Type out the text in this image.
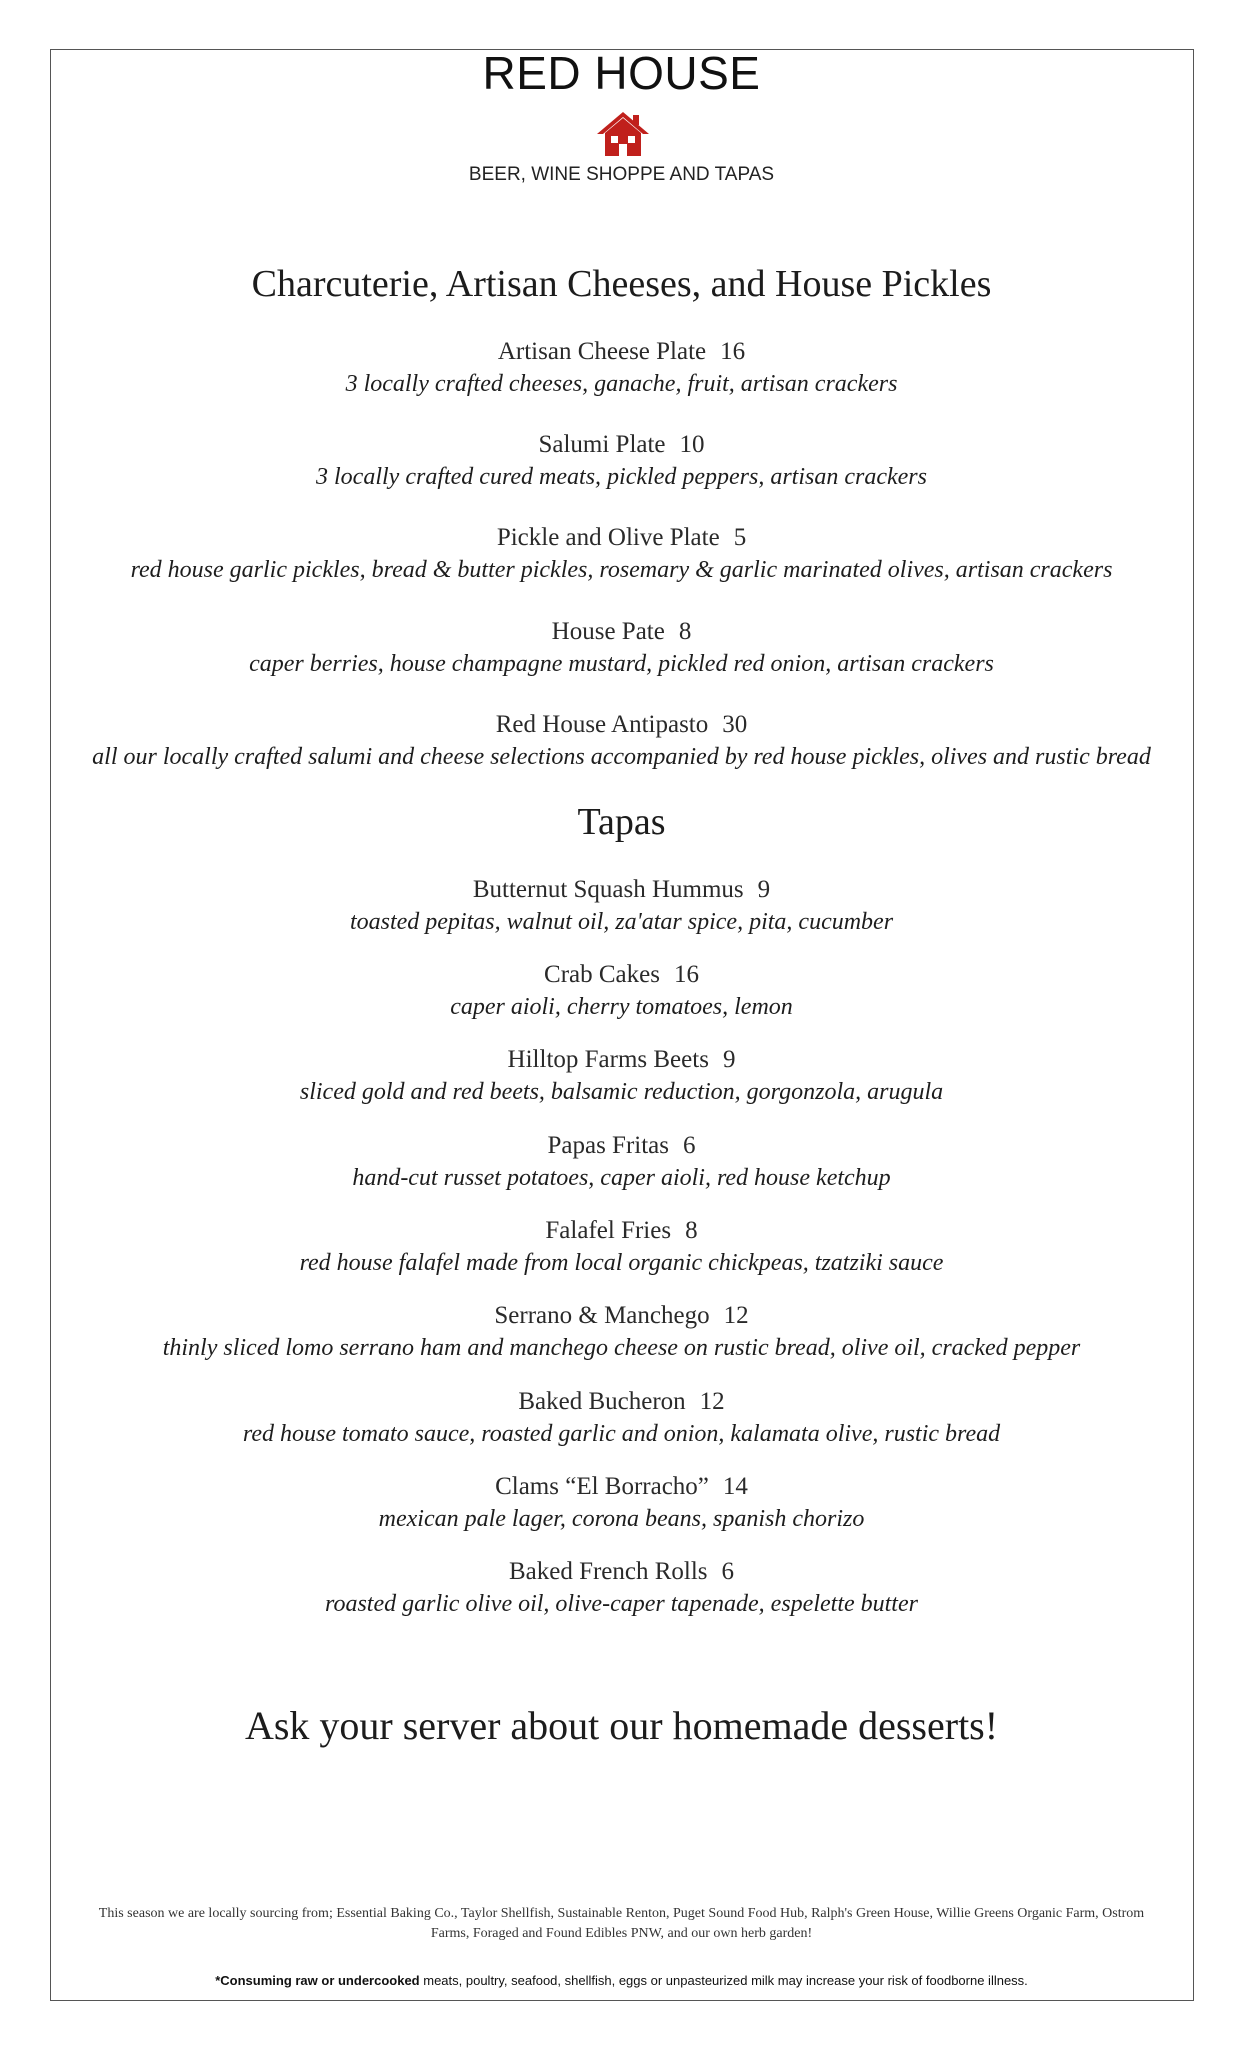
RED HOUSE
BEER, WINE SHOPPE AND TAPAS
Charcuterie, Artisan Cheeses, and House Pickles
Artisan Cheese Plate 16
3 locally crafted cheeses, ganache, fruit, artisan crackers
Salumi Plate 10
3 locally crafted cured meats, pickled peppers, artisan crackers
Pickle and Olive Plate 5
red house garlic pickles, bread & butter pickles, rosemary & garlic marinated olives, artisan crackers
House Pate 8
caper berries, house champagne mustard, pickled red onion, artisan crackers
Red House Antipasto 30
all our locally crafted salumi and cheese selections accompanied by red house pickles, olives and rustic bread
Tapas
Butternut Squash Hummus 9
toasted pepitas, walnut oil, za'atar spice, pita, cucumber
Crab Cakes 16
caper aioli, cherry tomatoes, lemon
Hilltop Farms Beets 9
sliced gold and red beets, balsamic reduction, gorgonzola, arugula
Papas Fritas 6
hand-cut russet potatoes, caper aioli, red house ketchup
Falafel Fries 8
red house falafel made from local organic chickpeas, tzatziki sauce
Serrano & Manchego 12
thinly sliced lomo serrano ham and manchego cheese on rustic bread, olive oil, cracked pepper
Baked Bucheron 12
red house tomato sauce, roasted garlic and onion, kalamata olive, rustic bread
Clams “El Borracho” 14
mexican pale lager, corona beans, spanish chorizo
Baked French Rolls 6
roasted garlic olive oil, olive-caper tapenade, espelette butter
Ask your server about our homemade desserts!
This season we are locally sourcing from; Essential Baking Co., Taylor Shellfish, Sustainable Renton, Puget Sound Food Hub, Ralph's Green House, Willie Greens Organic Farm, Ostrom Farms, Foraged and Found Edibles PNW, and our own herb garden!
*Consuming raw or undercooked meats, poultry, seafood, shellfish, eggs or unpasteurized milk may increase your risk of foodborne illness.
